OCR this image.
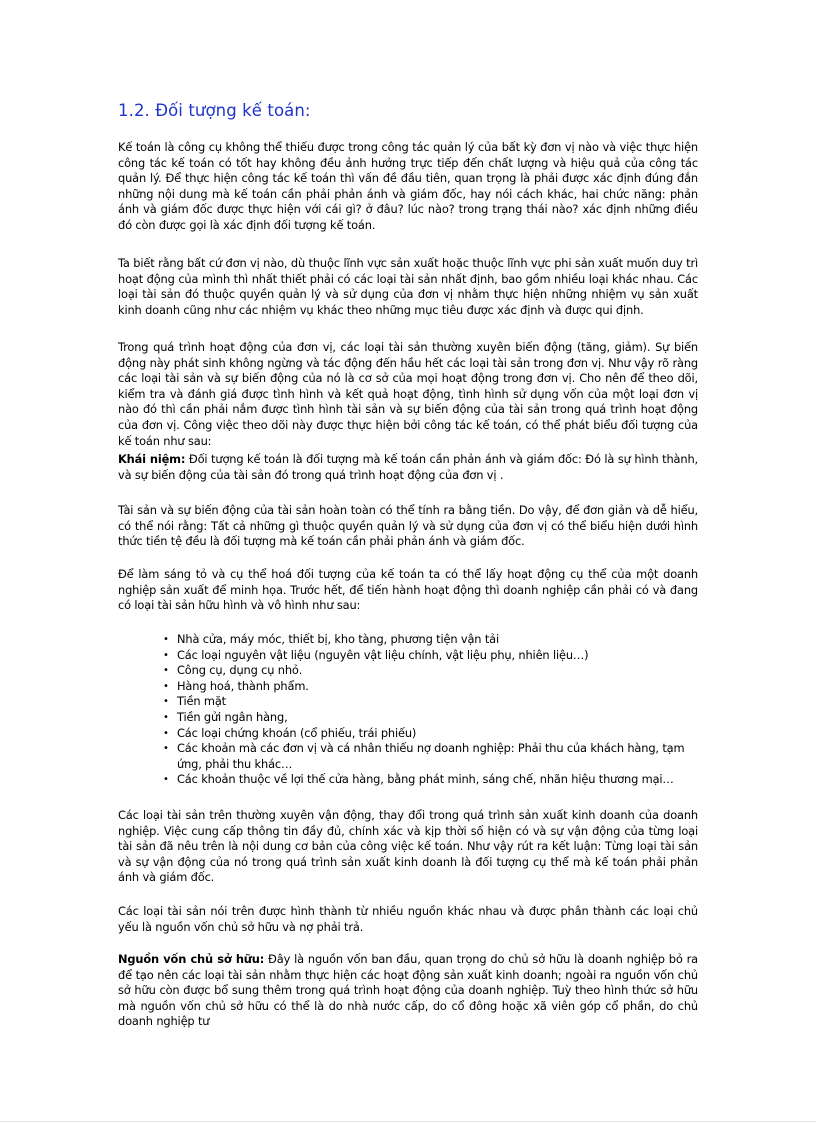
1.2. Đối tượng kế toán:
Kế toán là công cụ không thể thiếu được trong công tác quản lý của bất kỳ đơn vị nào và việc thực hiện công tác kế toán có tốt hay không đều ảnh hưởng trực tiếp đến chất lượng và hiệu quả của công tác quản lý. Để thực hiện công tác kế toán thì vấn đề đầu tiên, quan trọng là phải được xác định đúng đắn những nội dung mà kế toán cần phải phản ánh và giám đốc, hay nói cách khác, hai chức năng: phản ánh và giám đốc được thực hiện với cái gì? ở đâu? lúc nào? trong trạng thái nào? xác định những điều đó còn được gọi là xác định đối tượng kế toán.
Ta biết rằng bất cứ đơn vị nào, dù thuộc lĩnh vực sản xuất hoặc thuộc lĩnh vực phi sản xuất muốn duy trì hoạt động của mình thì nhất thiết phải có các loại tài sản nhất định, bao gồm nhiều loại khác nhau. Các loại tài sản đó thuộc quyền quản lý và sử dụng của đơn vị nhằm thực hiện những nhiệm vụ sản xuất kinh doanh cũng như các nhiệm vụ khác theo những mục tiêu được xác định và được qui định.
Trong quá trình hoạt động của đơn vị, các loại tài sản thường xuyên biến động (tăng, giảm). Sự biến động này phát sinh không ngừng và tác động đến hầu hết các loại tài sản trong đơn vị. Như vậy rõ ràng các loại tài sản và sự biến động của nó là cơ sở của mọi hoạt động trong đơn vị. Cho nên để theo dõi, kiểm tra và đánh giá được tình hình và kết quả hoạt động, tình hình sử dụng vốn của một loại đơn vị nào đó thì cần phải nắm được tình hình tài sản và sự biến động của tài sản trong quá trình hoạt động của đơn vị. Công việc theo dõi này được thực hiện bởi công tác kế toán, có thể phát biểu đối tượng của kế toán như sau:
Khái niệm: Đối tượng kế toán là đối tượng mà kế toán cần phản ánh và giám đốc: Đó là sự hình thành, và sự biến động của tài sản đó trong quá trình hoạt động của đơn vị .
Tài sản và sự biến động của tài sản hoàn toàn có thể tính ra bằng tiền. Do vậy, để đơn giản và dễ hiểu, có thể nói rằng: Tất cả những gì thuộc quyền quản lý và sử dụng của đơn vị có thể biểu hiện dưới hình thức tiền tệ đều là đối tượng mà kế toán cần phải phản ánh và giám đốc.
Để làm sáng tỏ và cụ thể hoá đối tượng của kế toán ta có thể lấy hoạt động cụ thể của một doanh nghiệp sản xuất để minh họa. Trước hết, để tiến hành hoạt động thì doanh nghiệp cần phải có và đang có loại tài sản hữu hình và vô hình như sau:
• Nhà cửa, máy móc, thiết bị, kho tàng, phương tiện vận tải
• Các loại nguyên vật liệu (nguyên vật liệu chính, vật liệu phụ, nhiên liệu…)
• Công cụ, dụng cụ nhỏ.
• Hàng hoá, thành phẩm.
• Tiền mặt
• Tiền gửi ngân hàng,
• Các loại chứng khoán (cổ phiếu, trái phiếu)
• Các khoản mà các đơn vị và cá nhân thiếu nợ doanh nghiệp: Phải thu của khách hàng, tạm ứng, phải thu khác…
• Các khoản thuộc về lợi thế cửa hàng, bằng phát minh, sáng chế, nhãn hiệu thương mại…
Các loại tài sản trên thường xuyên vận động, thay đổi trong quá trình sản xuất kinh doanh của doanh nghiệp. Việc cung cấp thông tin đầy đủ, chính xác và kịp thời số hiện có và sự vận động của từng loại tài sản đã nêu trên là nội dung cơ bản của công việc kế toán. Như vậy rút ra kết luận: Từng loại tài sản và sự vận động của nó trong quá trình sản xuất kinh doanh là đối tượng cụ thể mà kế toán phải phản ánh và giám đốc.
Các loại tài sản nói trên được hình thành từ nhiều nguồn khác nhau và được phân thành các loại chủ yếu là nguồn vốn chủ sở hữu và nợ phải trả.
Nguồn vốn chủ sở hữu: Đây là nguồn vốn ban đầu, quan trọng do chủ sở hữu là doanh nghiệp bỏ ra để tạo nên các loại tài sản nhằm thực hiện các hoạt động sản xuất kinh doanh; ngoài ra nguồn vốn chủ sở hữu còn được bổ sung thêm trong quá trình hoạt động của doanh nghiệp. Tuỳ theo hình thức sở hữu mà nguồn vốn chủ sở hữu có thể là do nhà nước cấp, do cổ đông hoặc xã viên góp cổ phần, do chủ doanh nghiệp tư
